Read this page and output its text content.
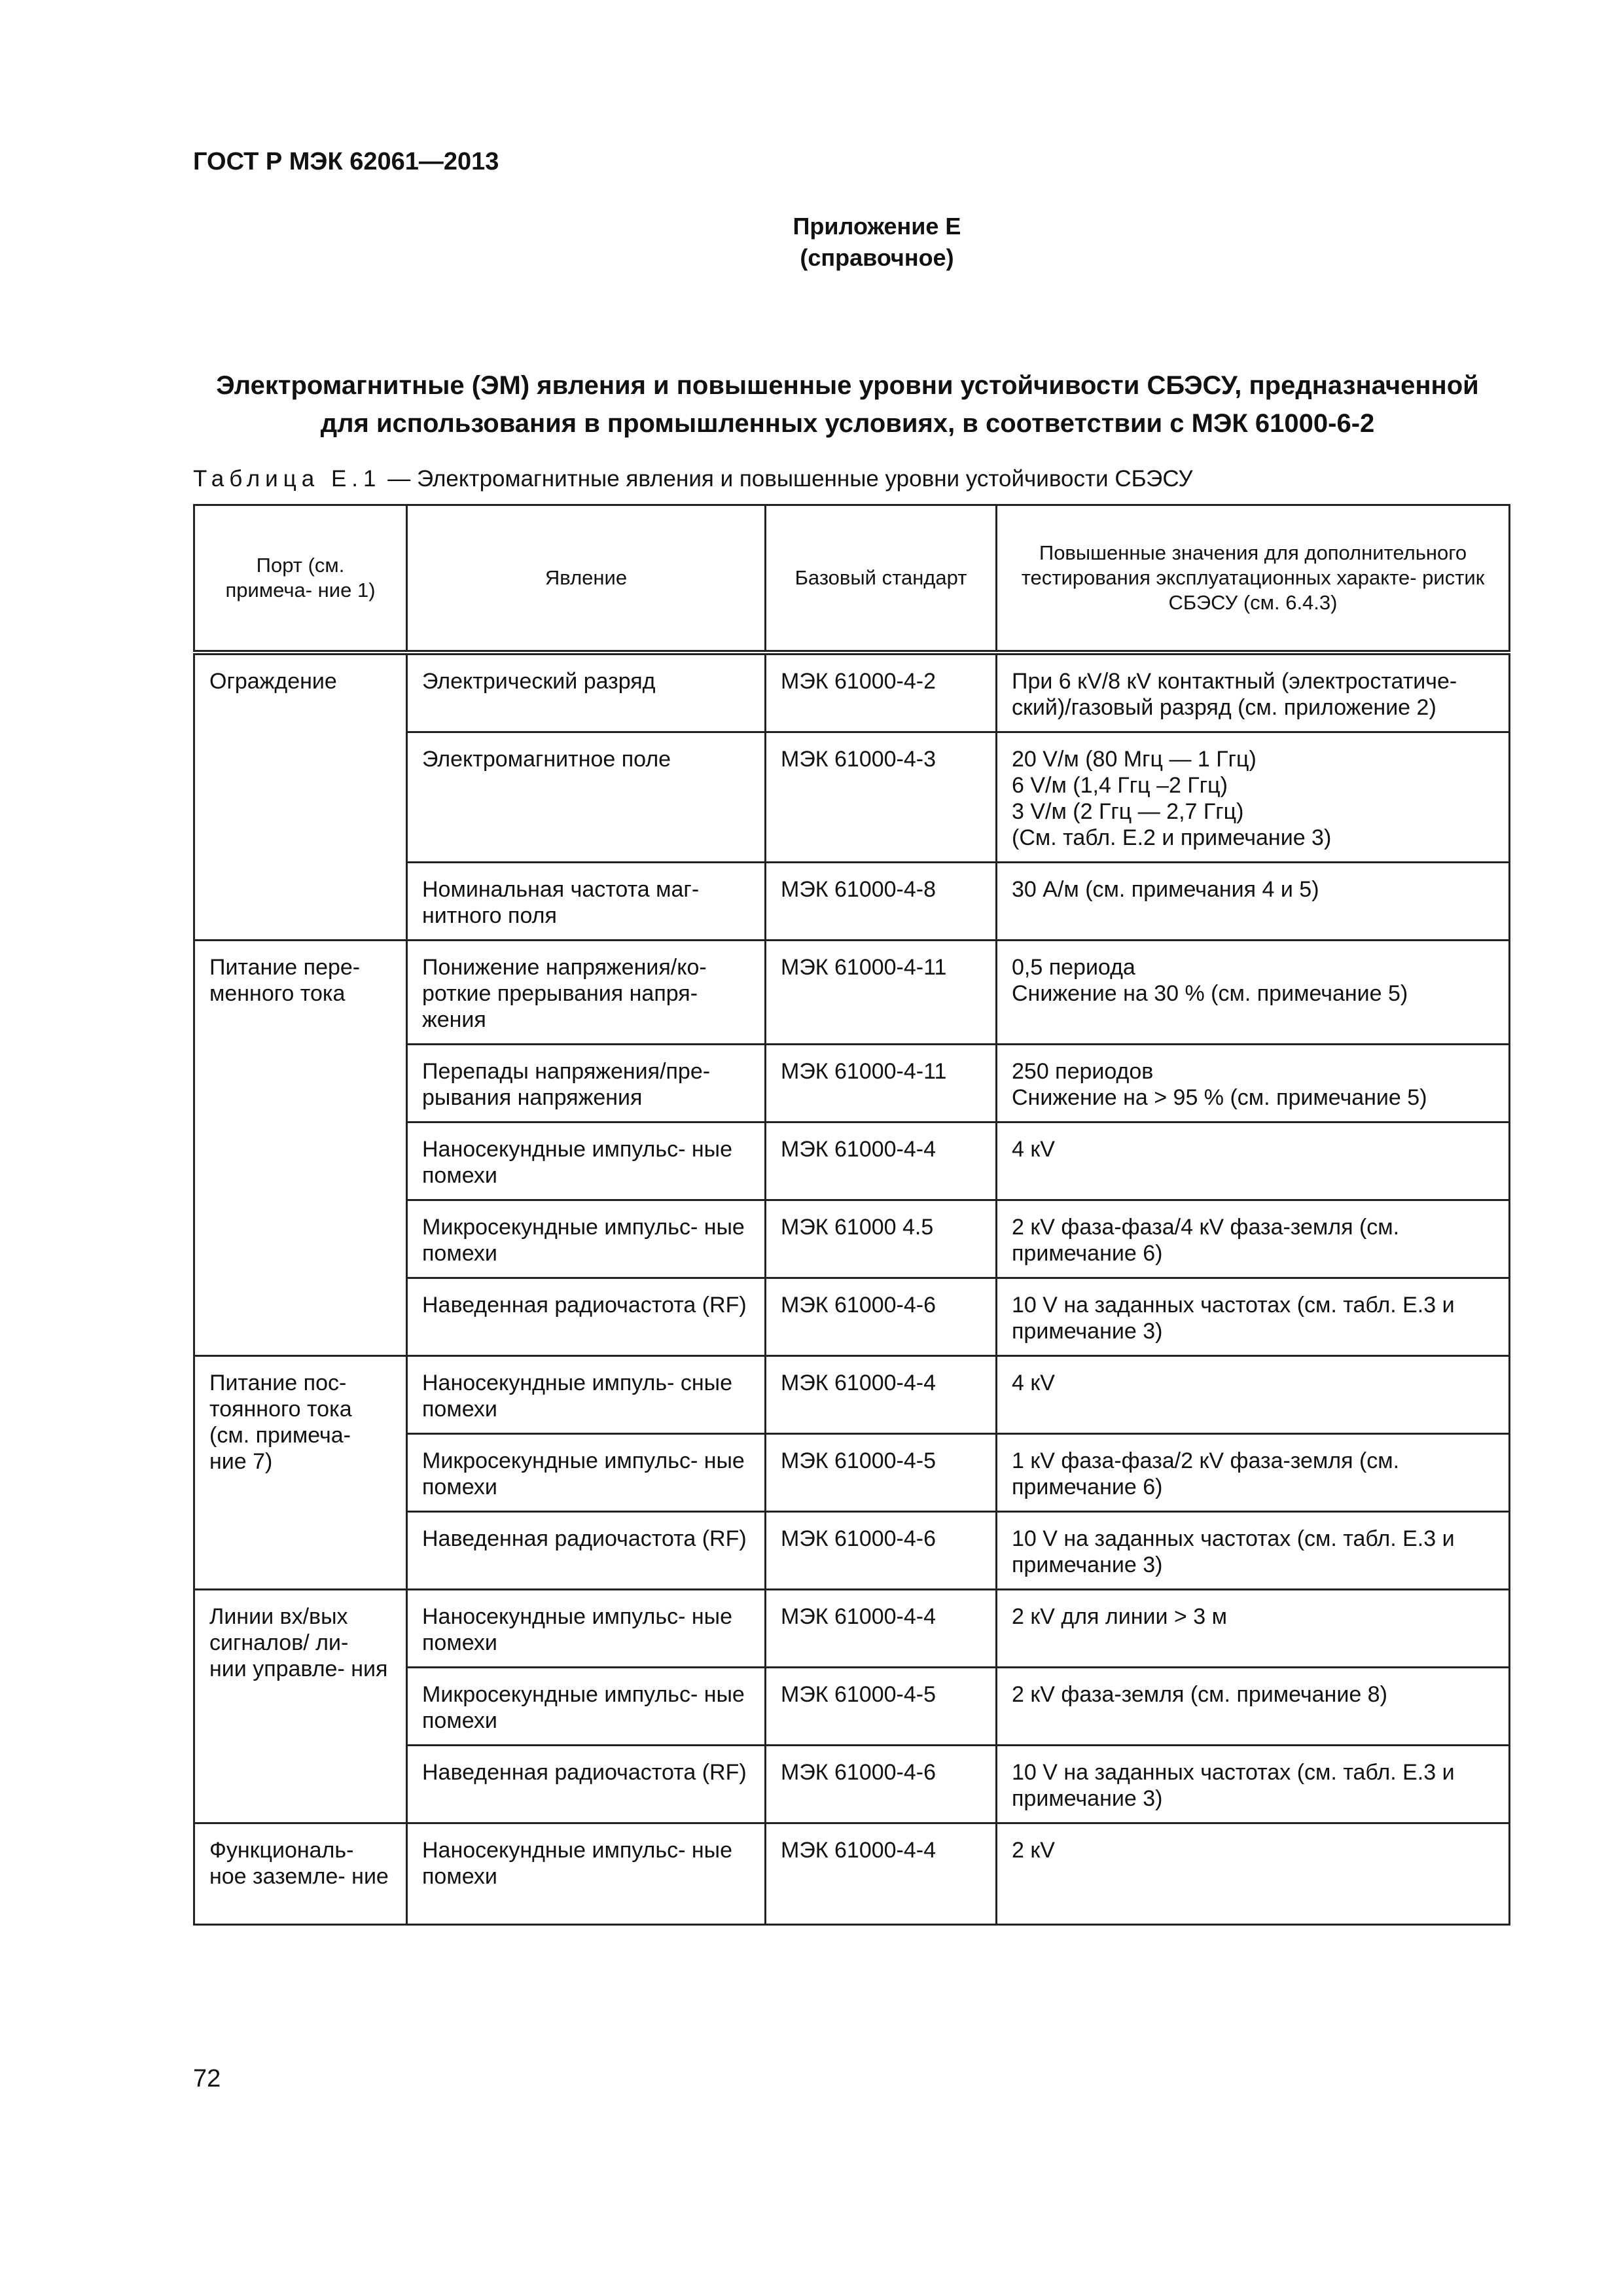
ГОСТ Р МЭК 62061—2013
Приложение Е
(справочное)
Электромагнитные (ЭМ) явления и повышенные уровни устойчивости СБЭСУ, предназначенной для использования в промышленных условиях, в соответствии с МЭК 61000-6-2
Таблица Е.1 — Электромагнитные явления и повышенные уровни устойчивости СБЭСУ
Порт (см. примеча- ние 1)	Явление	Базовый стандарт	Повышенные значения для дополнительного тестирования эксплуатационных характе- ристик СБЭСУ (см. 6.4.3)
Ограждение	Электрический разряд	МЭК 61000-4-2	При 6 кV/8 кV контактный (электростатиче- ский)/газовый разряд (см. приложение 2)
	Электромагнитное поле	МЭК 61000-4-3	20 V/м (80 Мгц — 1 Ггц)
6 V/м (1,4 Ггц –2 Ггц)
3 V/м (2 Ггц — 2,7 Ггц)
(См. табл. Е.2 и примечание 3)
	Номинальная частота маг- нитного поля	МЭК 61000-4-8	30 А/м (см. примечания 4 и 5)
Питание пере- менного тока	Понижение напряжения/ко- роткие прерывания напря- жения	МЭК 61000-4-11	0,5 периода
Снижение на 30 % (см. примечание 5)
	Перепады напряжения/пре- рывания напряжения	МЭК 61000-4-11	250 периодов
Снижение на > 95 % (см. примечание 5)
	Наносекундные импульс- ные помехи	МЭК 61000-4-4	4 кV
	Микросекундные импульс- ные помехи	МЭК 61000 4.5	2 кV фаза-фаза/4 кV фаза-земля (см. примечание 6)
	Наведенная радиочастота (RF)	МЭК 61000-4-6	10 V на заданных частотах (см. табл. Е.3 и примечание 3)
Питание пос- тоянного тока (см. примеча- ние 7)	Наносекундные импуль- сные помехи	МЭК 61000-4-4	4 кV
	Микросекундные импульс- ные помехи	МЭК 61000-4-5	1 кV фаза-фаза/2 кV фаза-земля (см. примечание 6)
	Наведенная радиочастота (RF)	МЭК 61000-4-6	10 V на заданных частотах (см. табл. Е.3 и примечание 3)
Линии вх/вых сигналов/ ли- нии управле- ния	Наносекундные импульс- ные помехи	МЭК 61000-4-4	2 кV для линии > 3 м
	Микросекундные импульс- ные помехи	МЭК 61000-4-5	2 кV фаза-земля (см. примечание 8)
	Наведенная радиочастота (RF)	МЭК 61000-4-6	10 V на заданных частотах (см. табл. Е.3 и примечание 3)
Функциональ- ное заземле- ние	Наносекундные импульс- ные помехи	МЭК 61000-4-4	2 кV
72
